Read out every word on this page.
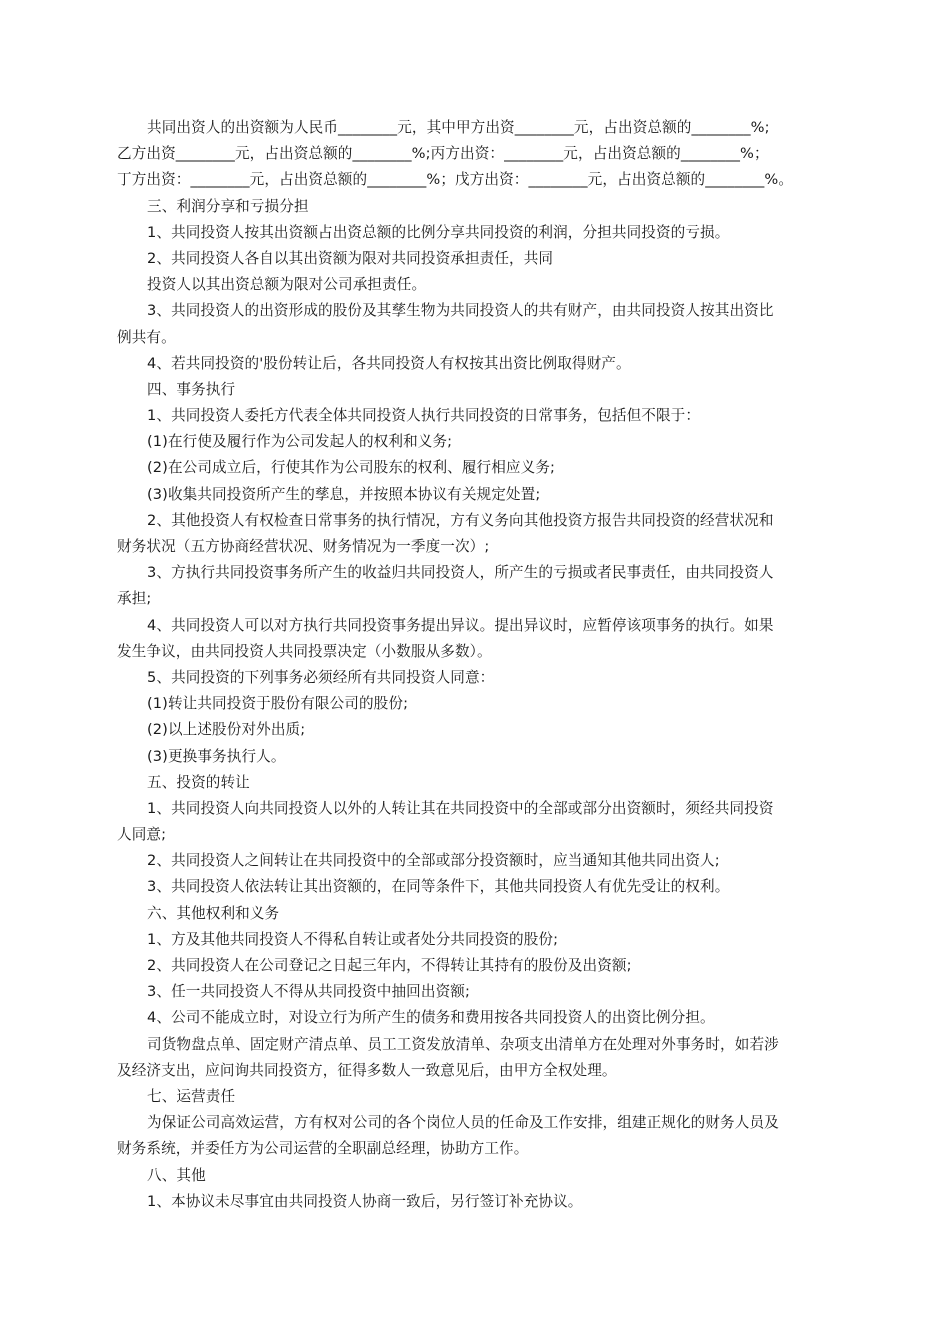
共同出资人的出资额为人民币________元，其中甲方出资________元，占出资总额的________%;
乙方出资________元，占出资总额的________%;丙方出资：________元，占出资总额的________%；
丁方出资：________元，占出资总额的________%；戊方出资：________元，占出资总额的________%。
三、利润分享和亏损分担
1、共同投资人按其出资额占出资总额的比例分享共同投资的利润，分担共同投资的亏损。
2、共同投资人各自以其出资额为限对共同投资承担责任，共同
投资人以其出资总额为限对公司承担责任。
3、共同投资人的出资形成的股份及其孳生物为共同投资人的共有财产，由共同投资人按其出资比
例共有。
4、若共同投资的'股份转让后，各共同投资人有权按其出资比例取得财产。
四、事务执行
1、共同投资人委托方代表全体共同投资人执行共同投资的日常事务，包括但不限于：
(1)在行使及履行作为公司发起人的权利和义务;
(2)在公司成立后，行使其作为公司股东的权利、履行相应义务;
(3)收集共同投资所产生的孳息，并按照本协议有关规定处置;
2、其他投资人有权检查日常事务的执行情况，方有义务向其他投资方报告共同投资的经营状况和
财务状况（五方协商经营状况、财务情况为一季度一次）;
3、方执行共同投资事务所产生的收益归共同投资人，所产生的亏损或者民事责任，由共同投资人
承担;
4、共同投资人可以对方执行共同投资事务提出异议。提出异议时，应暂停该项事务的执行。如果
发生争议，由共同投资人共同投票决定（小数服从多数）。
5、共同投资的下列事务必须经所有共同投资人同意：
(1)转让共同投资于股份有限公司的股份;
(2)以上述股份对外出质;
(3)更换事务执行人。
五、投资的转让
1、共同投资人向共同投资人以外的人转让其在共同投资中的全部或部分出资额时，须经共同投资
人同意;
2、共同投资人之间转让在共同投资中的全部或部分投资额时，应当通知其他共同出资人;
3、共同投资人依法转让其出资额的，在同等条件下，其他共同投资人有优先受让的权利。
六、其他权利和义务
1、方及其他共同投资人不得私自转让或者处分共同投资的股份;
2、共同投资人在公司登记之日起三年内，不得转让其持有的股份及出资额;
3、任一共同投资人不得从共同投资中抽回出资额;
4、公司不能成立时，对设立行为所产生的债务和费用按各共同投资人的出资比例分担。
司货物盘点单、固定财产清点单、员工工资发放清单、杂项支出清单方在处理对外事务时，如若涉
及经济支出，应问询共同投资方，征得多数人一致意见后，由甲方全权处理。
七、运营责任
为保证公司高效运营，方有权对公司的各个岗位人员的任命及工作安排，组建正规化的财务人员及
财务系统，并委任方为公司运营的全职副总经理，协助方工作。
八、其他
1、本协议未尽事宜由共同投资人协商一致后，另行签订补充协议。
